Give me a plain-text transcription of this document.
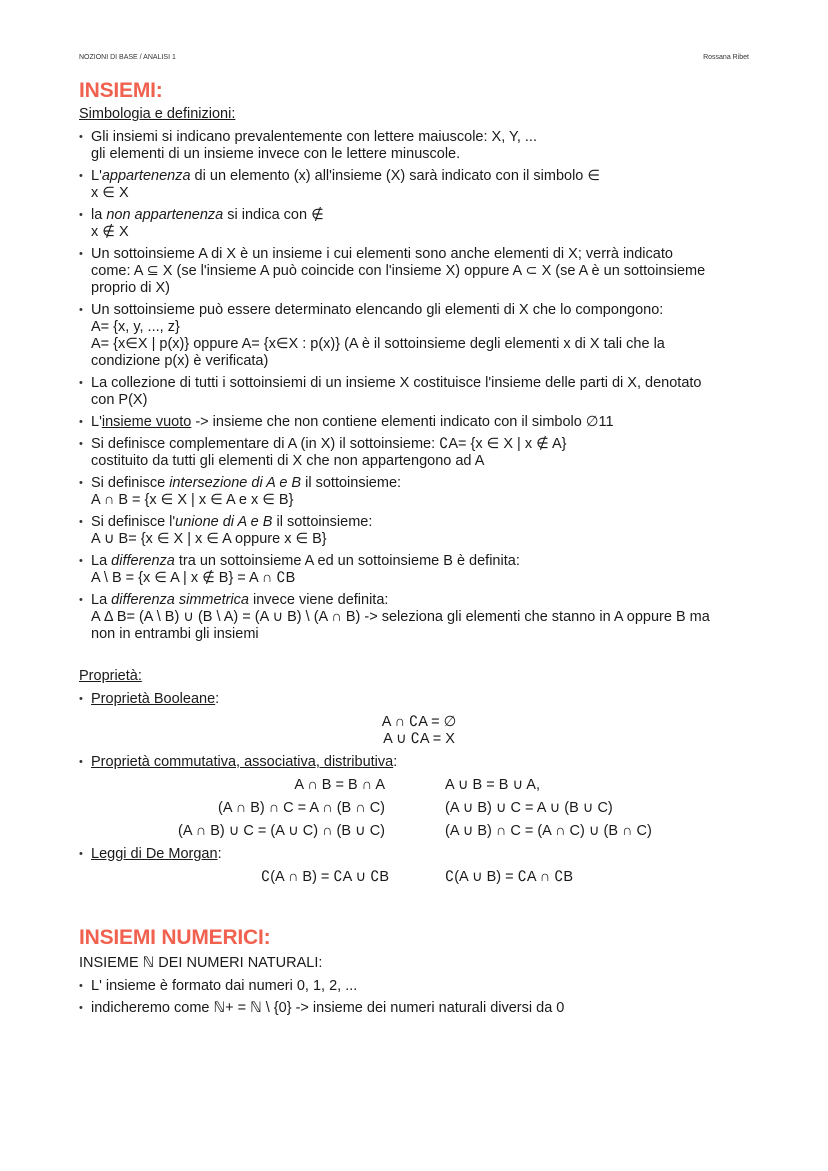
NOZIONI DI BASE / ANALISI 1	Rossana Ribet
INSIEMI:
Simbologia e definizioni:
• Gli insiemi si indicano prevalentemente con lettere maiuscole: X, Y, ...
gli elementi di un insieme invece con le lettere minuscole.
• L'appartenenza di un elemento (x) all'insieme (X) sarà indicato con il simbolo ∈
x ∈ X
• la non appartenenza si indica con ∉
x ∉ X
• Un sottoinsieme A di X è un insieme i cui elementi sono anche elementi di X; verrà indicato
come: A ⊆ X (se l'insieme A può coincide con l'insieme X) oppure A ⊂ X (se A è un sottoinsieme
proprio di X)
• Un sottoinsieme può essere determinato elencando gli elementi di X che lo compongono:
A= {x, y, ..., z}
A= {x∈X | p(x)} oppure A= {x∈X : p(x)} (A è il sottoinsieme degli elementi x di X tali che la
condizione p(x) è verificata)
• La collezione di tutti i sottoinsiemi di un insieme X costituisce l'insieme delle parti di X, denotato
con P(X)
• L'insieme vuoto -> insieme che non contiene elementi indicato con il simbolo ∅11
• Si definisce complementare di A (in X) il sottoinsieme: ∁A= {x ∈ X | x ∉ A}
costituito da tutti gli elementi di X che non appartengono ad A
• Si definisce intersezione di A e B il sottoinsieme:
A ∩ B = {x ∈ X | x ∈ A e x ∈ B}
• Si definisce l'unione di A e B il sottoinsieme:
A ∪ B= {x ∈ X | x ∈ A oppure x ∈ B}
• La differenza tra un sottoinsieme A ed un sottoinsieme B è definita:
A \ B = {x ∈ A | x ∉ B} = A ∩ ∁B
• La differenza simmetrica invece viene definita:
A Δ B= (A \ B) ∪ (B \ A) = (A ∪ B) \ (A ∩ B) -> seleziona gli elementi che stanno in A oppure B ma
non in entrambi gli insiemi
Proprietà:
• Proprietà Booleane:
A ∩ ∁A = ∅
A ∪ ∁A = X
• Proprietà commutativa, associativa, distributiva:
A ∩ B = B ∩ A	A ∪ B = B ∪ A,
(A ∩ B) ∩ C = A ∩ (B ∩ C)	(A ∪ B) ∪ C = A ∪ (B ∪ C)
(A ∩ B) ∪ C = (A ∪ C) ∩ (B ∪ C)	(A ∪ B) ∩ C = (A ∩ C) ∪ (B ∩ C)
• Leggi di De Morgan:
∁(A ∩ B) = ∁A ∪ ∁B	∁(A ∪ B) = ∁A ∩ ∁B
INSIEMI NUMERICI:
INSIEME ℕ DEI NUMERI NATURALI:
• L' insieme è formato dai numeri 0, 1, 2, ...
• indicheremo come ℕ+ = ℕ \ {0} -> insieme dei numeri naturali diversi da 0
